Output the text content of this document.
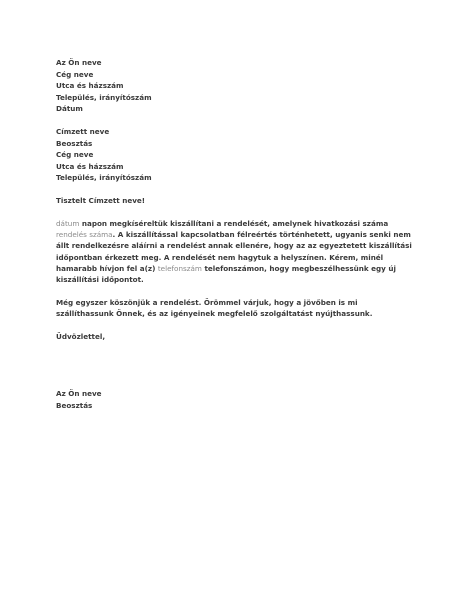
Az Ön neve
Cég neve
Utca és házszám
Település, irányítószám
Dátum
Címzett neve
Beosztás
Cég neve
Utca és házszám
Település, irányítószám
Tisztelt Címzett neve!
dátum napon megkíséreltük kiszállítani a rendelését, amelynek hivatkozási száma rendelés száma. A kiszállítással kapcsolatban félreértés történhetett, ugyanis senki nem állt rendelkezésre aláírni a rendelést annak ellenére, hogy az az egyeztetett kiszállítási időpontban érkezett meg. A rendelését nem hagytuk a helyszínen. Kérem, minél hamarabb hívjon fel a(z) telefonszám telefonszámon, hogy megbeszélhessünk egy új kiszállítási időpontot.
Még egyszer köszönjük a rendelést. Örömmel várjuk, hogy a jövőben is mi szállíthassunk Önnek, és az igényeinek megfelelő szolgáltatást nyújthassunk.
Üdvözlettel,
Az Ön neve
Beosztás
